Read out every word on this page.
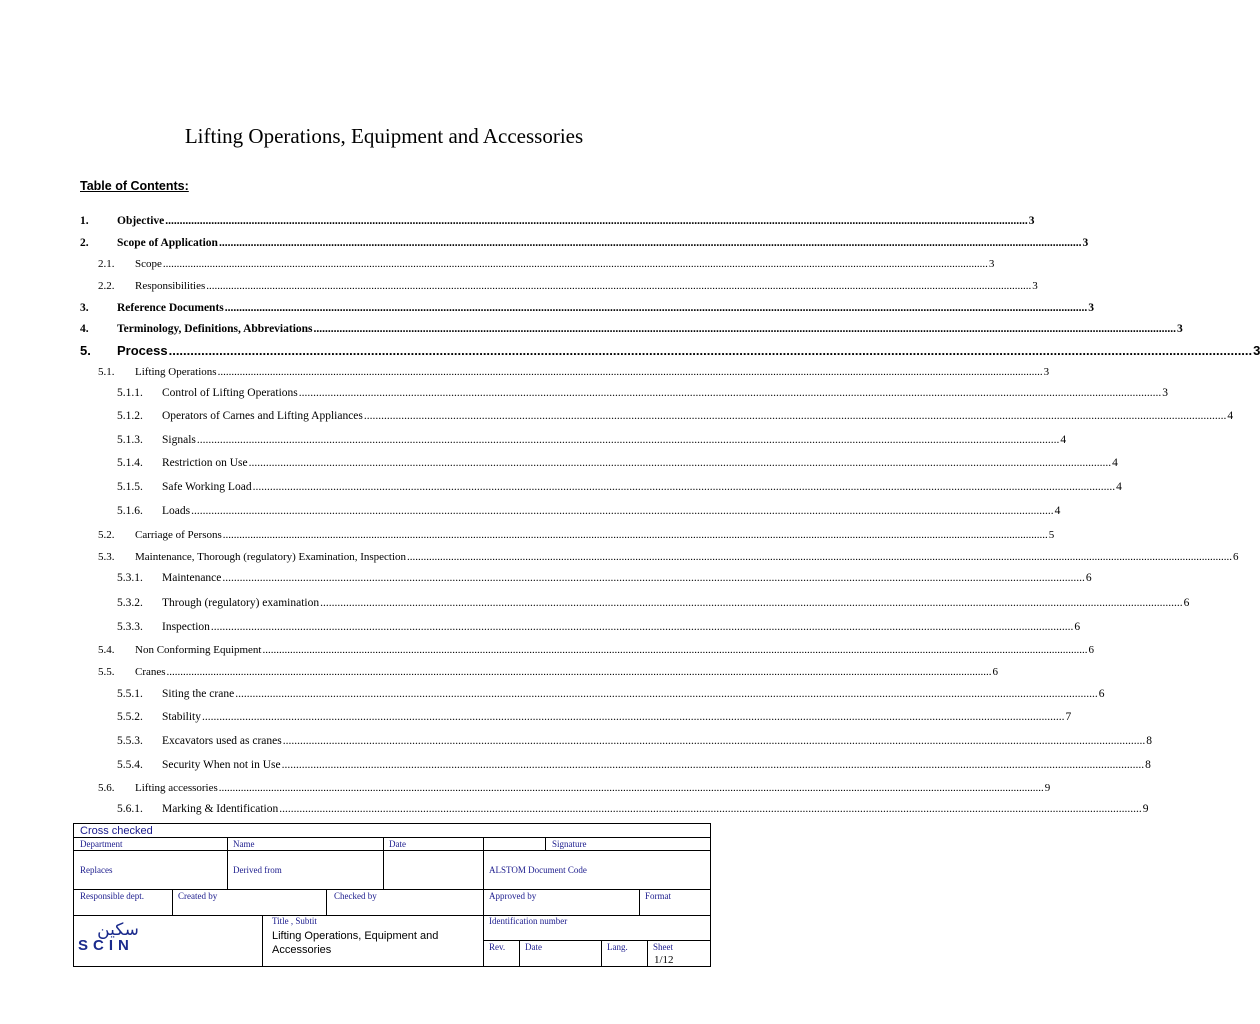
Lifting Operations, Equipment and Accessories
Table of Contents:
1.	Objective ............................................................................................................................................................................................................................................................................................................ 3
2.	Scope of Application ............................................................................................................................................................................................................................................................................................................ 3
2.1.	Scope ............................................................................................................................................................................................................................................................................................................ 3
2.2.	Responsibilities ............................................................................................................................................................................................................................................................................................................ 3
3.	Reference Documents ............................................................................................................................................................................................................................................................................................................ 3
4.	Terminology, Definitions, Abbreviations ............................................................................................................................................................................................................................................................................................................ 3
5.	Process ............................................................................................................................................................................................................................................................................................................ 3
5.1.	Lifting Operations ............................................................................................................................................................................................................................................................................................................ 3
5.1.1.	Control of Lifting Operations ............................................................................................................................................................................................................................................................................................................ 3
5.1.2.	Operators of Carnes and Lifting Appliances ............................................................................................................................................................................................................................................................................................................ 4
5.1.3.	Signals ............................................................................................................................................................................................................................................................................................................ 4
5.1.4.	Restriction on Use ............................................................................................................................................................................................................................................................................................................ 4
5.1.5.	Safe Working Load ............................................................................................................................................................................................................................................................................................................ 4
5.1.6.	Loads ............................................................................................................................................................................................................................................................................................................ 4
5.2.	Carriage of Persons ............................................................................................................................................................................................................................................................................................................ 5
5.3.	Maintenance, Thorough (regulatory) Examination, Inspection ............................................................................................................................................................................................................................................................................................................ 6
5.3.1.	Maintenance ............................................................................................................................................................................................................................................................................................................ 6
5.3.2.	Through (regulatory) examination ............................................................................................................................................................................................................................................................................................................ 6
5.3.3.	Inspection ............................................................................................................................................................................................................................................................................................................ 6
5.4.	Non Conforming Equipment ............................................................................................................................................................................................................................................................................................................ 6
5.5.	Cranes ............................................................................................................................................................................................................................................................................................................ 6
5.5.1.	Siting the crane ............................................................................................................................................................................................................................................................................................................ 6
5.5.2.	Stability ............................................................................................................................................................................................................................................................................................................ 7
5.5.3.	Excavators used as cranes ............................................................................................................................................................................................................................................................................................................ 8
5.5.4.	Security When not in Use ............................................................................................................................................................................................................................................................................................................ 8
5.6.	Lifting accessories ............................................................................................................................................................................................................................................................................................................ 9
5.6.1.	Marking & Identification ............................................................................................................................................................................................................................................................................................................ 9
Cross checked
Department	Name	Date	Signature
Replaces	Derived from	ALSTOM Document Code
Responsible dept.	Created by	Checked by	Approved by	Format
Title , Subtit
Lifting Operations, Equipment and Accessories
Identification number
Rev. Date	Lang.	Sheet
1/12
سكين
SCIN
